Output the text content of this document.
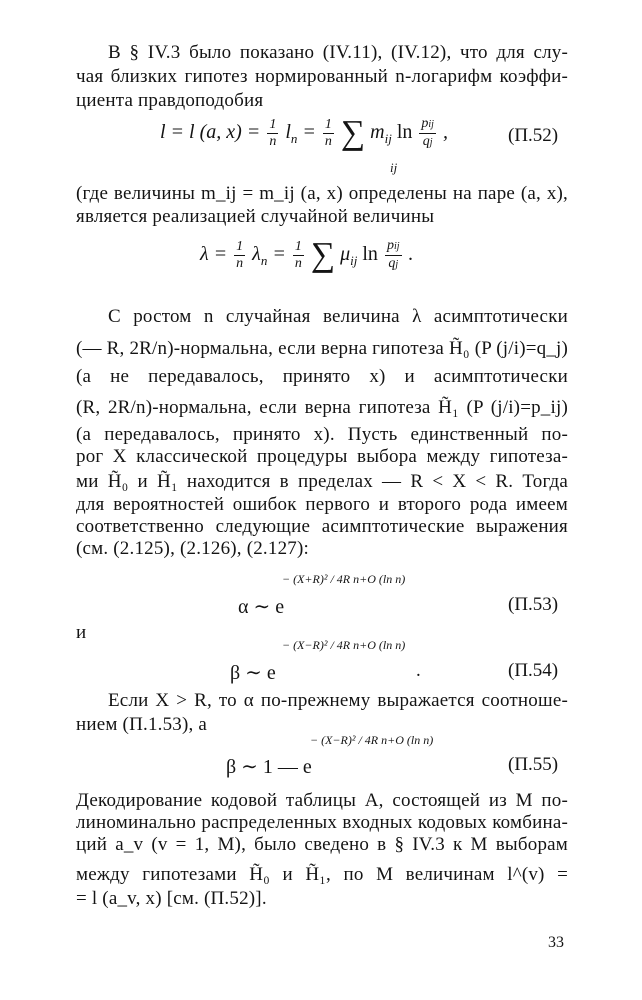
В § IV.3 было показано (IV.11), (IV.12), что для слу-
чая близких гипотез нормированный n-логарифм коэффи-
циента правдоподобия
l = l (a, $x) = \frac{1}{n} l_n = \frac{1}{n}$ ∑ $m_{ij}$ $\ln \frac{\text{pij}}{qj}$ ,
ij
(П.52)
(где величины m_ij = m_ij (a, x) определены на паре (a, x),
является реализацией случайной величины
$\lambda = \frac{1}{n} \lambda_n = \frac{1}{n}$ ∑ $\mu_{ij}$ $\ln \frac{\text{pij}}{qj}$ .
С ростом n случайная величина λ асимптотически
(— R, 2R/n)-нормальна, если верна гипотеза H̃₀ (P (j/i)=q_j)
(a не передавалось, принято x) и асимптотически
(R, 2R/n)-нормальна, если верна гипотеза H̃₁ (P (j/i)=p_ij)
(a передавалось, принято x). Пусть единственный по-
рог X классической процедуры выбора между гипотеза-
ми H̃₀ и H̃₁ находится в пределах — R < X < R. Тогда
для вероятностей ошибок первого и второго рода имеем
соответственно следующие асимптотические выражения
(см. (2.125), (2.126), (2.127):
− (X+R)² / 4R n+O (ln n)
α ∼ e	(П.53)
и
− (X−R)² / 4R n+O (ln n)
β ∼ e	.	(П.54)
Если X > R, то α по-прежнему выражается соотноше-
нием (П.1.53), а
− (X−R)² / 4R n+O (ln n)
β ∼ 1 — e	(П.55)
Декодирование кодовой таблицы A, состоящей из M по-
линоминально распределенных входных кодовых комбина-
ций a_v (v = 1, M), было сведено в § IV.3 к M выборам
между гипотезами H̃₀ и H̃₁, по M величинам l^(v) =
= l (a_v, x) [см. (П.52)].
33
